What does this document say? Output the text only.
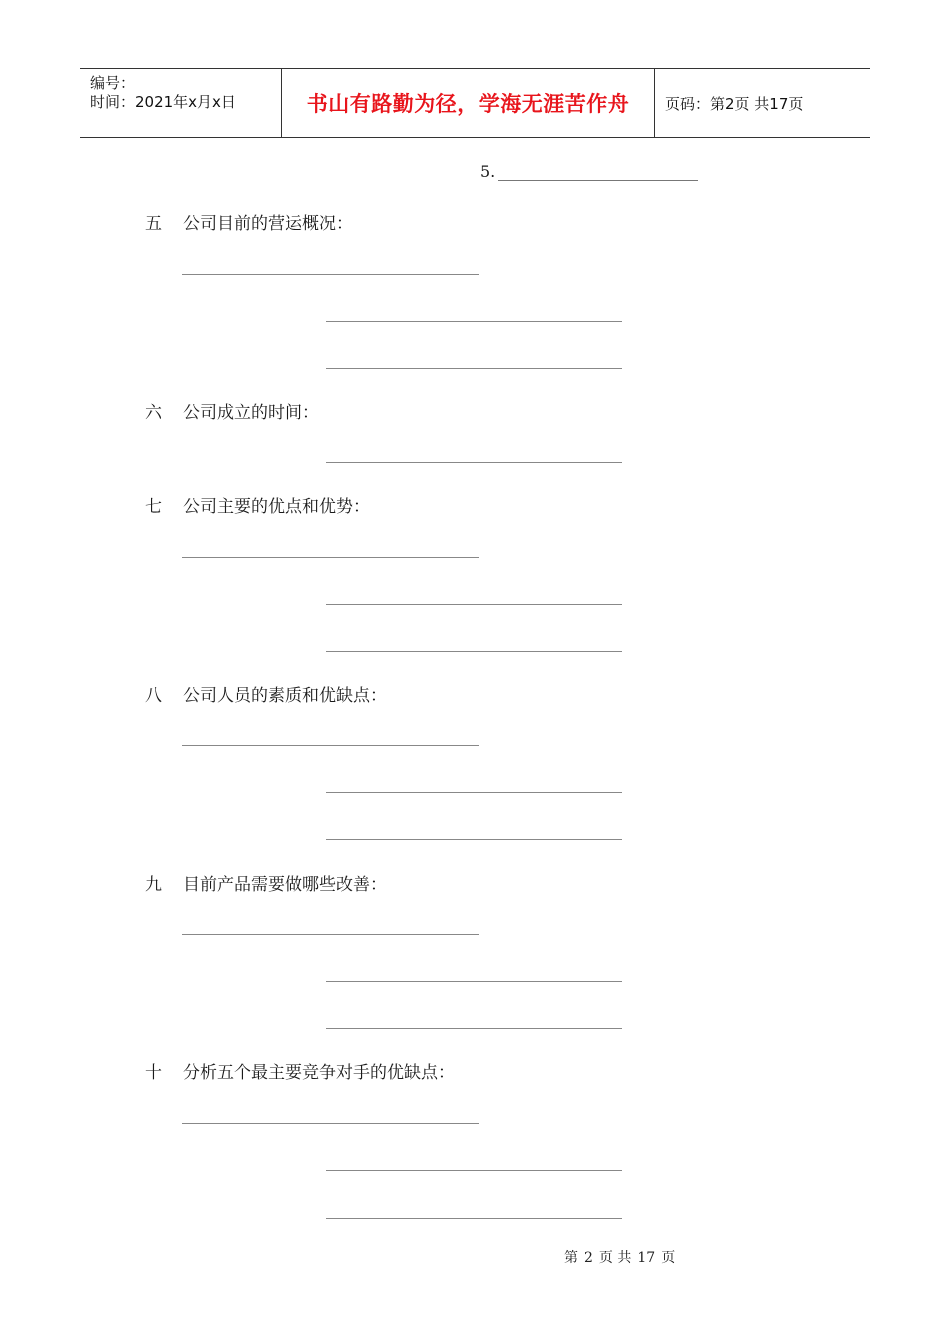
编号：
时间：2021年x月x日	书山有路勤为径，学海无涯苦作舟	页码：第2页 共17页
5.
五 公司目前的营运概况：
六 公司成立的时间：
七 公司主要的优点和优势：
八 公司人员的素质和优缺点：
九 目前产品需要做哪些改善：
十 分析五个最主要竞争对手的优缺点：
第 2 页 共 17 页
